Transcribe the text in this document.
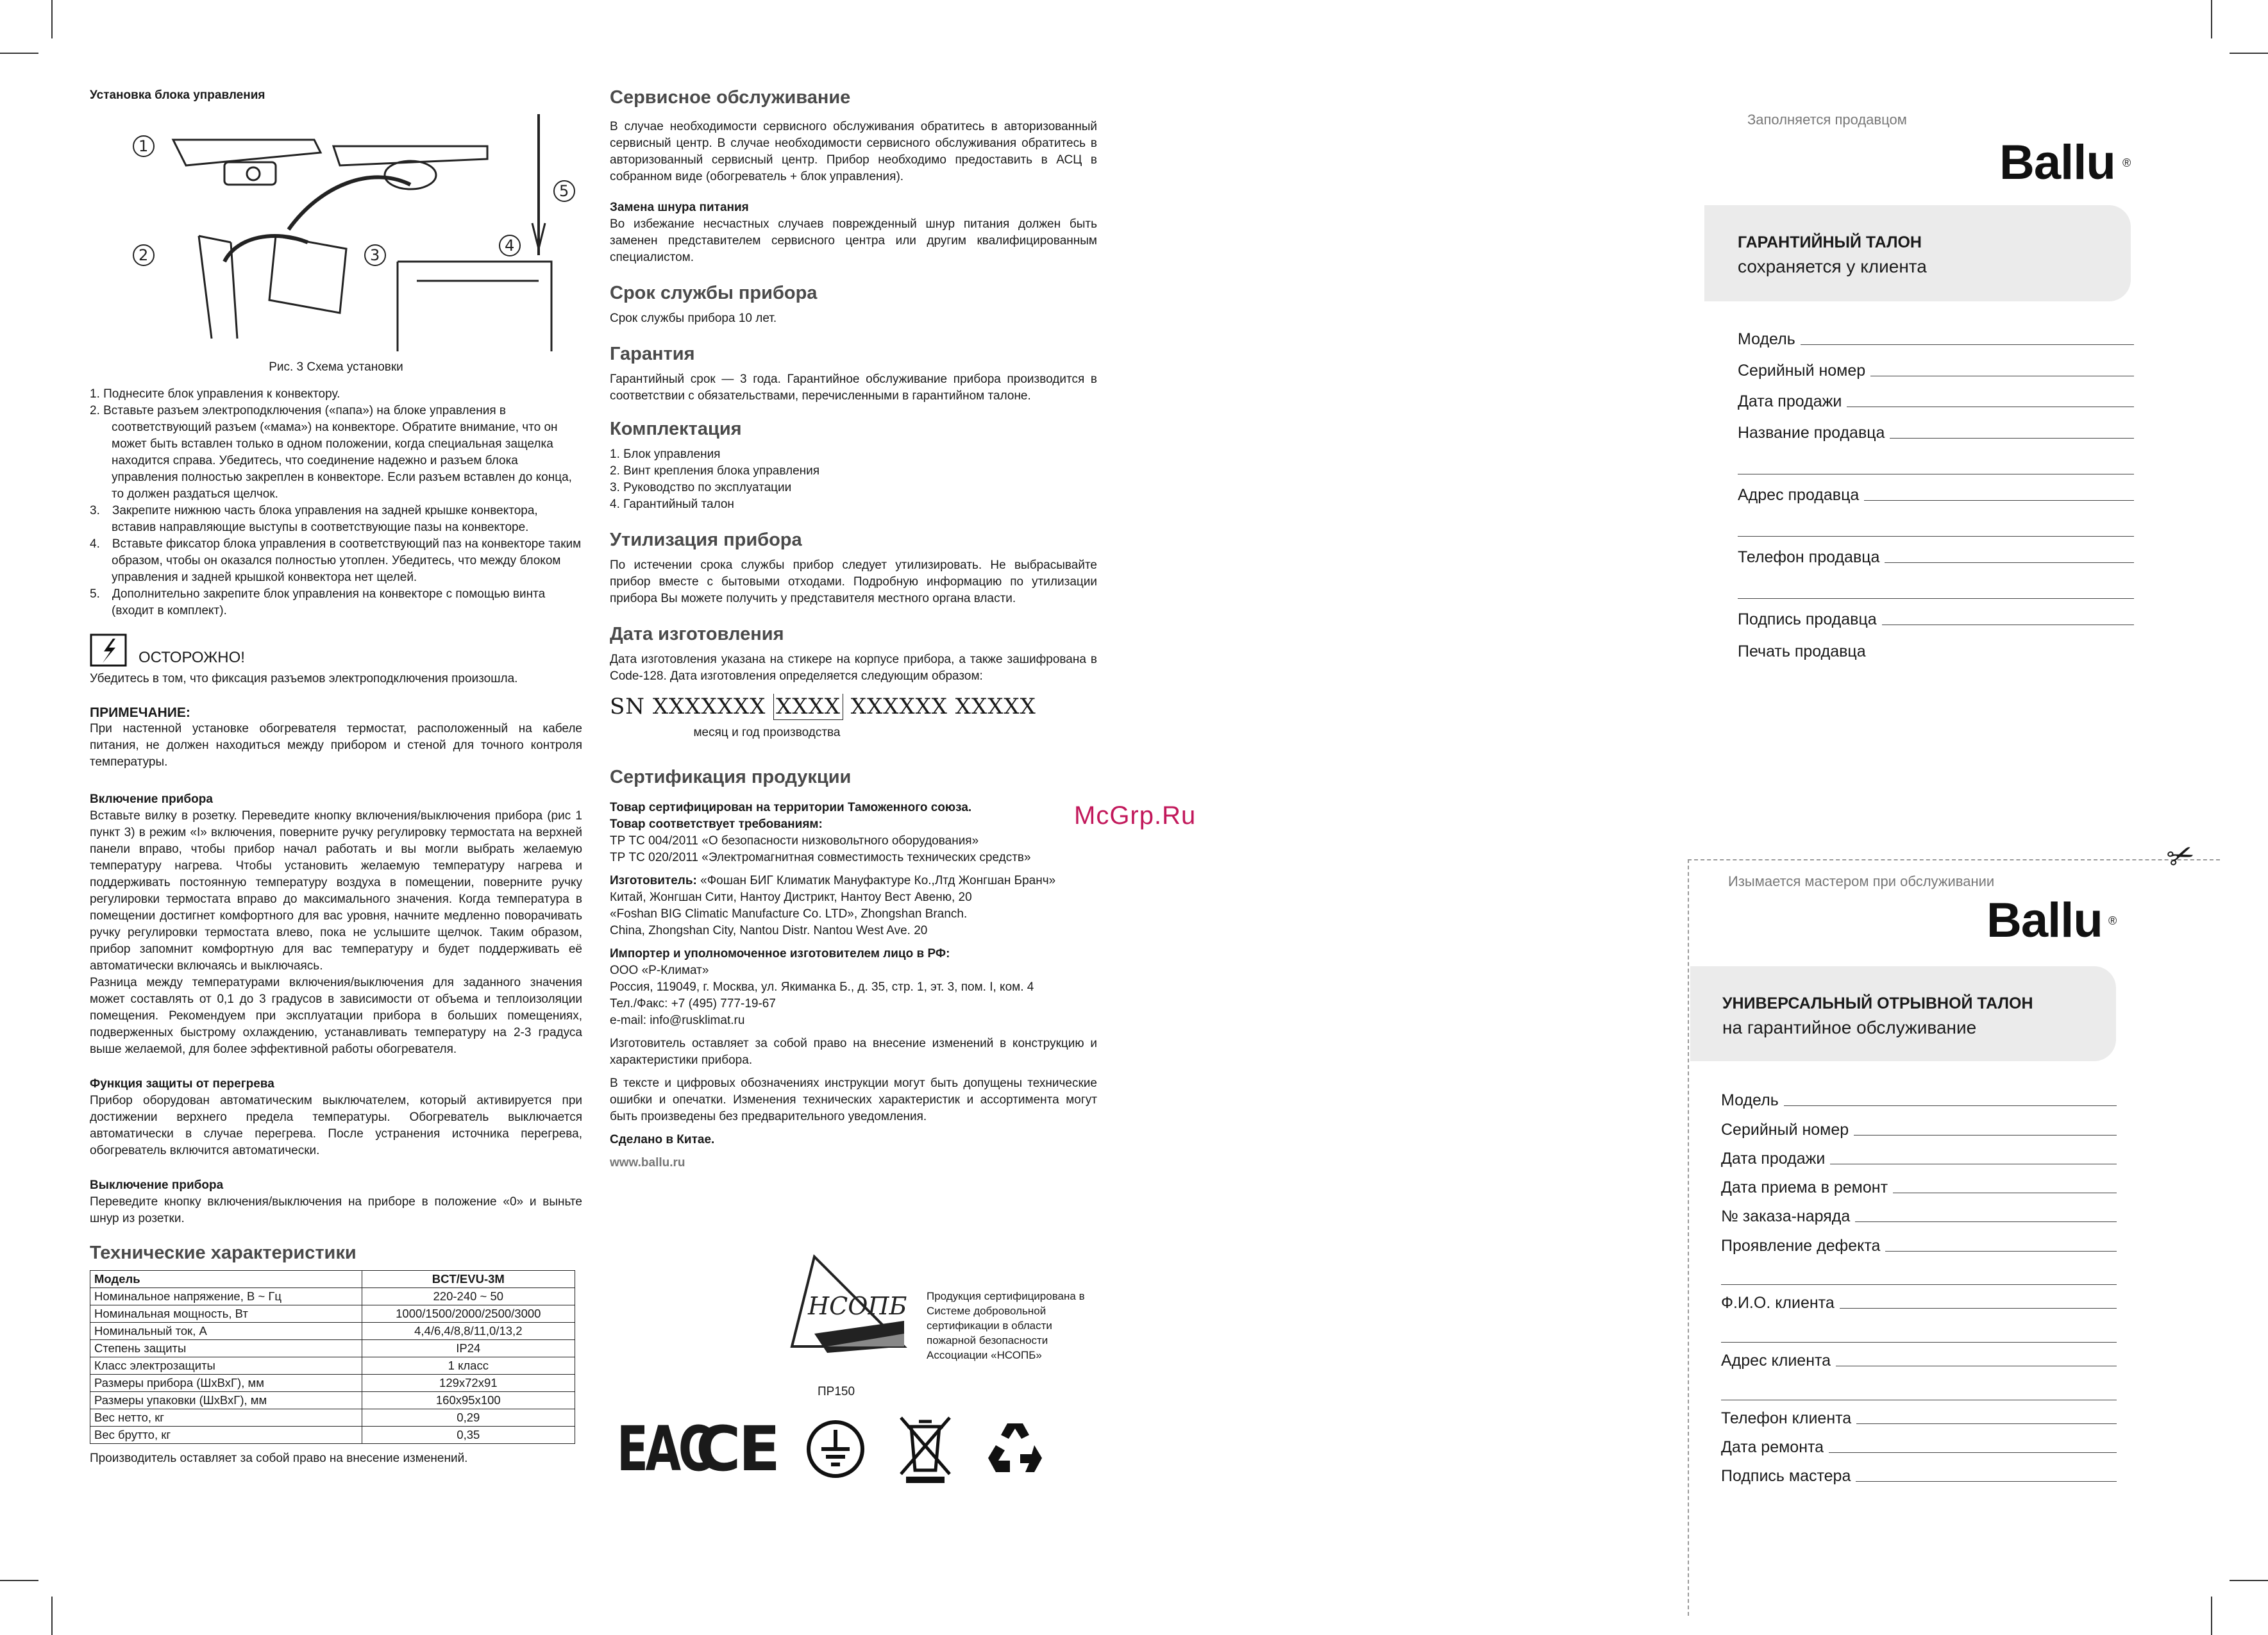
Установка блока управления

1
2	3
4
5

Рис. 3 Схема установки

1. Поднесите блок управления к конвектору.
2. Вставьте разъем электроподключения («папа») на блоке управления в соответствующий разъем («мама») на конвекторе. Обратите внимание, что он может быть вставлен только в одном положении, когда специальная защелка находится справа. Убедитесь, что соединение надежно и разъем блока управления полностью закреплен в конвекторе. Если разъем вставлен до конца, то должен раздаться щелчок.
3. Закрепите нижнюю часть блока управления на задней крышке конвектора, вставив направляющие выступы в соответствующие пазы на конвекторе.
4. Вставьте фиксатор блока управления в соответствующий паз на конвекторе таким образом, чтобы он оказался полностью утоплен. Убедитесь, что между блоком управления и задней крышкой конвектора нет щелей.
5. Дополнительно закрепите блок управления на конвекторе с помощью винта (входит в комплект).
ОСТОРОЖНО!

Убедитесь в том, что фиксация разъемов электроподключения произошла.

ПРИМЕЧАНИЕ:

При настенной установке обогревателя термостат, расположенный на кабеле питания, не должен находиться между прибором и стеной для точного контроля температуры.

Включение прибора

Вставьте вилку в розетку. Переведите кнопку включения/выключения прибора (рис 1 пункт 3) в режим «I» включения, поверните ручку регулировку термостата на верхней панели вправо, чтобы прибор начал работать и вы могли выбрать желаемую температуру нагрева. Чтобы установить желаемую температуру нагрева и поддерживать постоянную температуру воздуха в помещении, поверните ручку регулировки термостата вправо до максимального значения. Когда температура в помещении достигнет комфортного для вас уровня, начните медленно поворачивать ручку регулировки термостата влево, пока не услышите щелчок. Таким образом, прибор запомнит комфортную для вас температуру и будет поддерживать её автоматически включаясь и выключаясь.

Разница между температурами включения/выключения для заданного значения может составлять от 0,1 до 3 градусов в зависимости от объема и теплоизоляции помещения. Рекомендуем при эксплуатации прибора в больших помещениях, подверженных быстрому охлаждению, устанавливать температуру на 2-3 градуса выше желаемой, для более эффективной работы обогревателя.

Функция защиты от перегрева

Прибор оборудован автоматическим выключателем, который активируется при достижении верхнего предела температуры. Обогреватель выключается автоматически в случае перегрева. После устранения источника перегрева, обогреватель включится автоматически.

Выключение прибора

Переведите кнопку включения/выключения на приборе в положение «0» и выньте шнур из розетки.

Технические характеристики

Модель	BCT/EVU-3M
Номинальное напряжение, В ~ Гц	220-240 ~ 50
Номинальная мощность, Вт	1000/1500/2000/2500/3000
Номинальный ток, А	4,4/6,4/8,8/11,0/13,2
Степень защиты	IP24
Класс электрозащиты	1 класс
Размеры прибора (ШхВхГ), мм	129х72х91
Размеры упаковки (ШхВхГ), мм	160х95х100
Вес нетто, кг	0,29
Вес брутто, кг	0,35

Производитель оставляет за собой право на внесение изменений.

Сервисное обслуживание

В случае необходимости сервисного обслуживания обратитесь в авторизованный сервисный центр. В случае необходимости сервисного обслуживания обратитесь в авторизованный сервисный центр. Прибор необходимо предоставить в АСЦ в собранном виде (обогреватель + блок управления).

Замена шнура питания

Во избежание несчастных случаев поврежденный шнур питания должен быть заменен представителем сервисного центра или другим квалифицированным специалистом.

Срок службы прибора

Срок службы прибора 10 лет.

Гарантия

Гарантийный срок — 3 года. Гарантийное обслуживание прибора производится в соответствии с обязательствами, перечисленными в гарантийном талоне.

Комплектация

1. Блок управления

2. Винт крепления блока управления

3. Руководство по эксплуатации

4. Гарантийный талон

Утилизация прибора

По истечении срока службы прибор следует утилизировать. Не выбрасывайте прибор вместе с бытовыми отходами. Подробную информацию по утилизации прибора Вы можете получить у представителя местного органа власти.

Дата изготовления

Дата изготовления указана на стикере на корпусе прибора, а также зашифрована в Code-128. Дата изготовления определяется следующим образом:

SN XXXXXXX XXXX XXXXXX XXXXX

месяц и год производства

Сертификация продукции

Товар сертифицирован на территории Таможенного союза.

Товар соответствует требованиям:

ТР ТС 004/2011 «О безопасности низковольтного оборудования»

ТР ТС 020/2011 «Электромагнитная совместимость технических средств»

Изготовитель: «Фошан БИГ Климатик Мануфактуре Ко.,Лтд Жонгшан Бранч»

Китай, Жонгшан Сити, Нантоу Дистрикт, Нантоу Вест Авеню, 20

«Foshan BIG Climatic Manufacture Co. LTD», Zhongshan Branch.

China, Zhongshan City, Nantou Distr. Nantou West Ave. 20

Импортер и уполномоченное изготовителем лицо в РФ:

ООО «Р-Климат»

Россия, 119049, г. Москва, ул. Якиманка Б., д. 35, стр. 1, эт. 3, пом. I, ком. 4

Тел./Факс: +7 (495) 777-19-67

e-mail: info@rusklimat.ru

Изготовитель оставляет за собой право на внесение изменений в конструкцию и характеристики прибора.

В тексте и цифровых обозначениях инструкции могут быть допущены технические ошибки и опечатки. Изменения технических характеристик и ассортимента могут быть произведены без предварительного уведомления.

Сделано в Китае.

www.ballu.ru

НСОПБ

ПР150

Продукция сертифицирована в Системе добровольной сертификации в области пожарной безопасности Ассоциации «НСОПБ»

EAC
CE

McGrp.Ru

Заполняется продавцом

Ballu ®

ГАРАНТИЙНЫЙ ТАЛОН

сохраняется у клиента

Модель
Серийный номер
Дата продажи
Название продавца
Адрес продавца
Телефон продавца
Подпись продавца

Печать продавца

✂

Изымается мастером при обслуживании

Ballu ®

УНИВЕРСАЛЬНЫЙ ОТРЫВНОЙ ТАЛОН

на гарантийное обслуживание

Модель
Серийный номер
Дата продажи
Дата приема в ремонт
№ заказа-наряда
Проявление дефекта
Ф.И.О. клиента
Адрес клиента
Телефон клиента
Дата ремонта
Подпись мастера
